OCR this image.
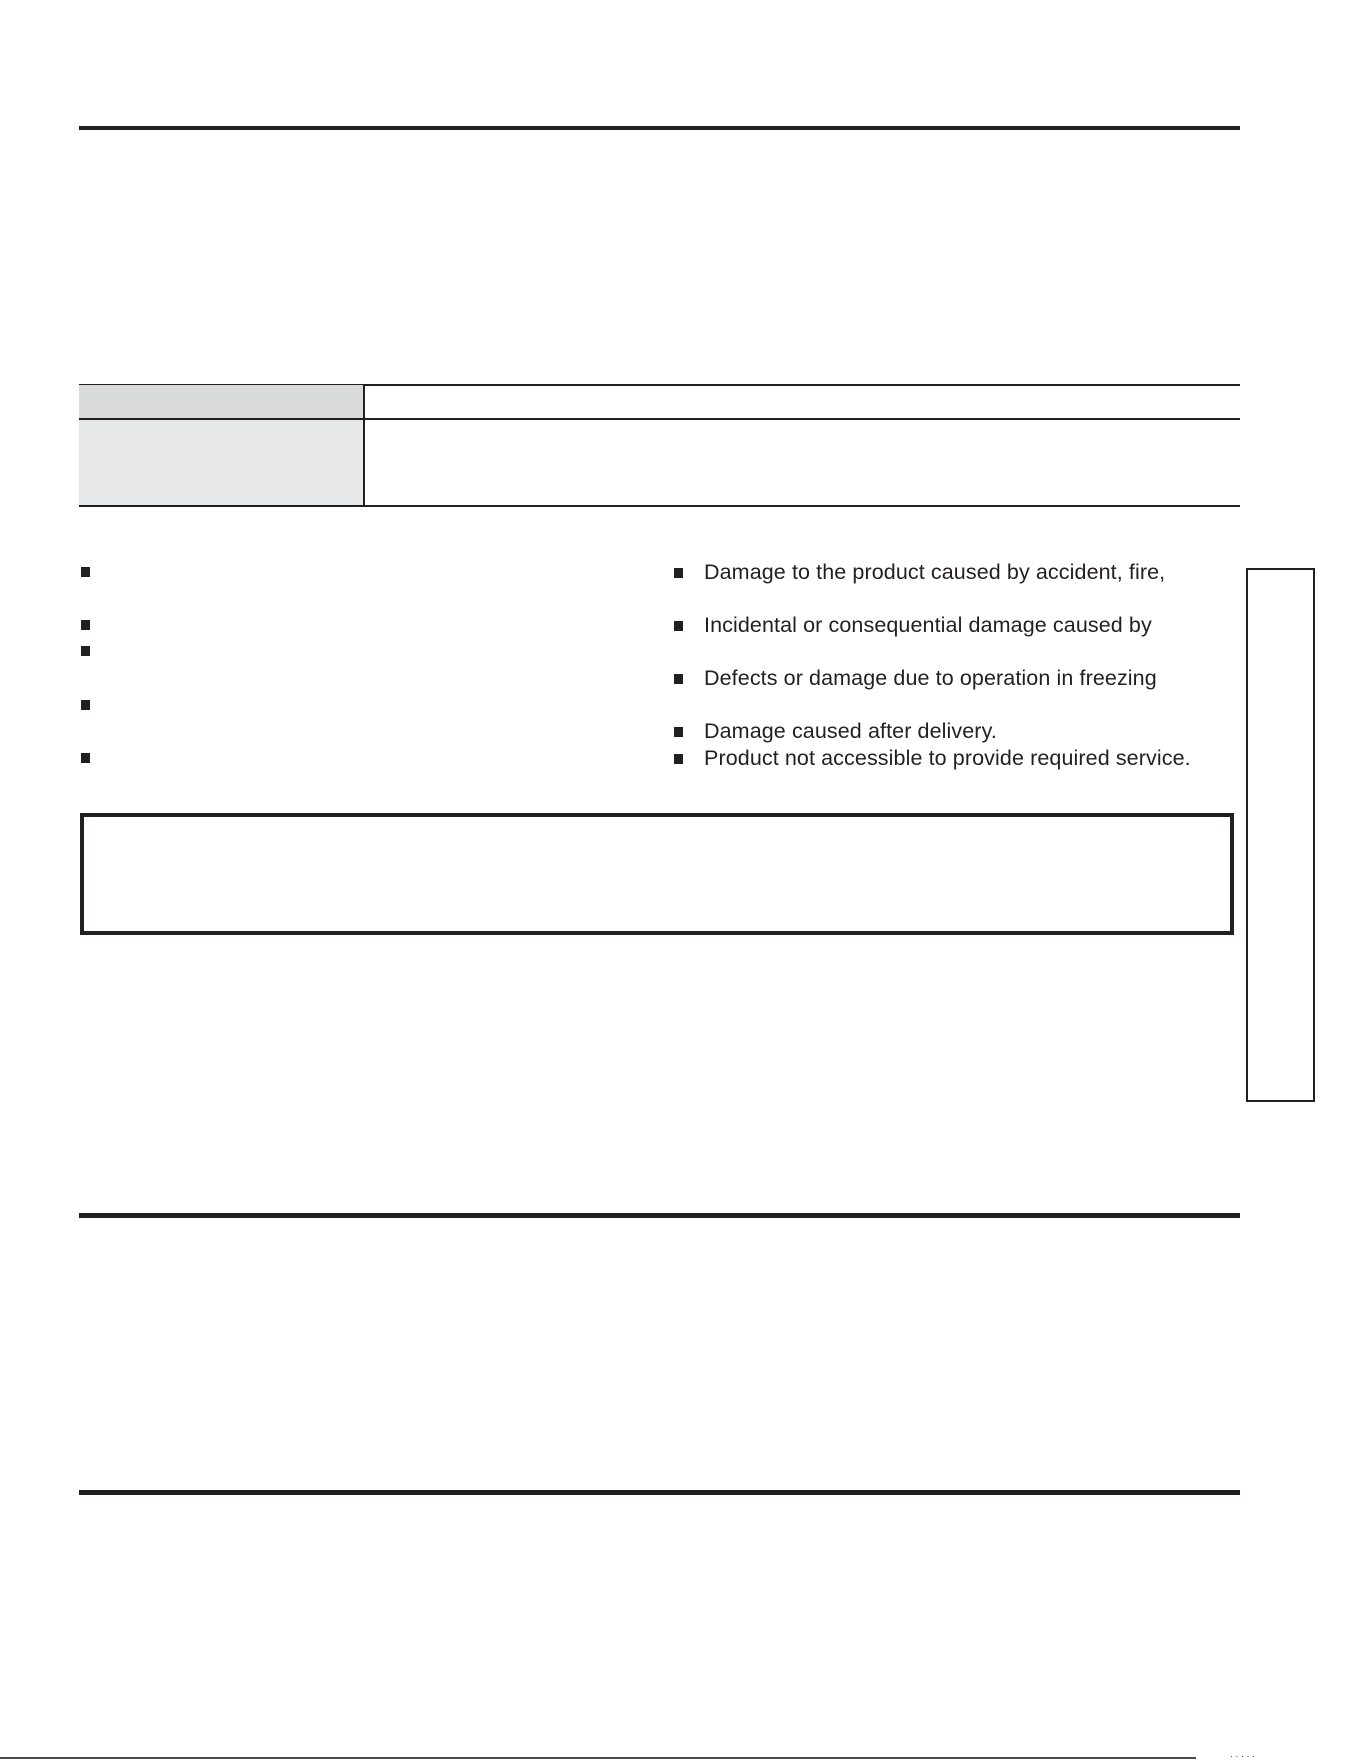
Damage to the product caused by accident, fire,
Incidental or consequential damage caused by
Defects or damage due to operation in freezing
Damage caused after delivery.
Product not accessible to provide required service.
. . . . .
